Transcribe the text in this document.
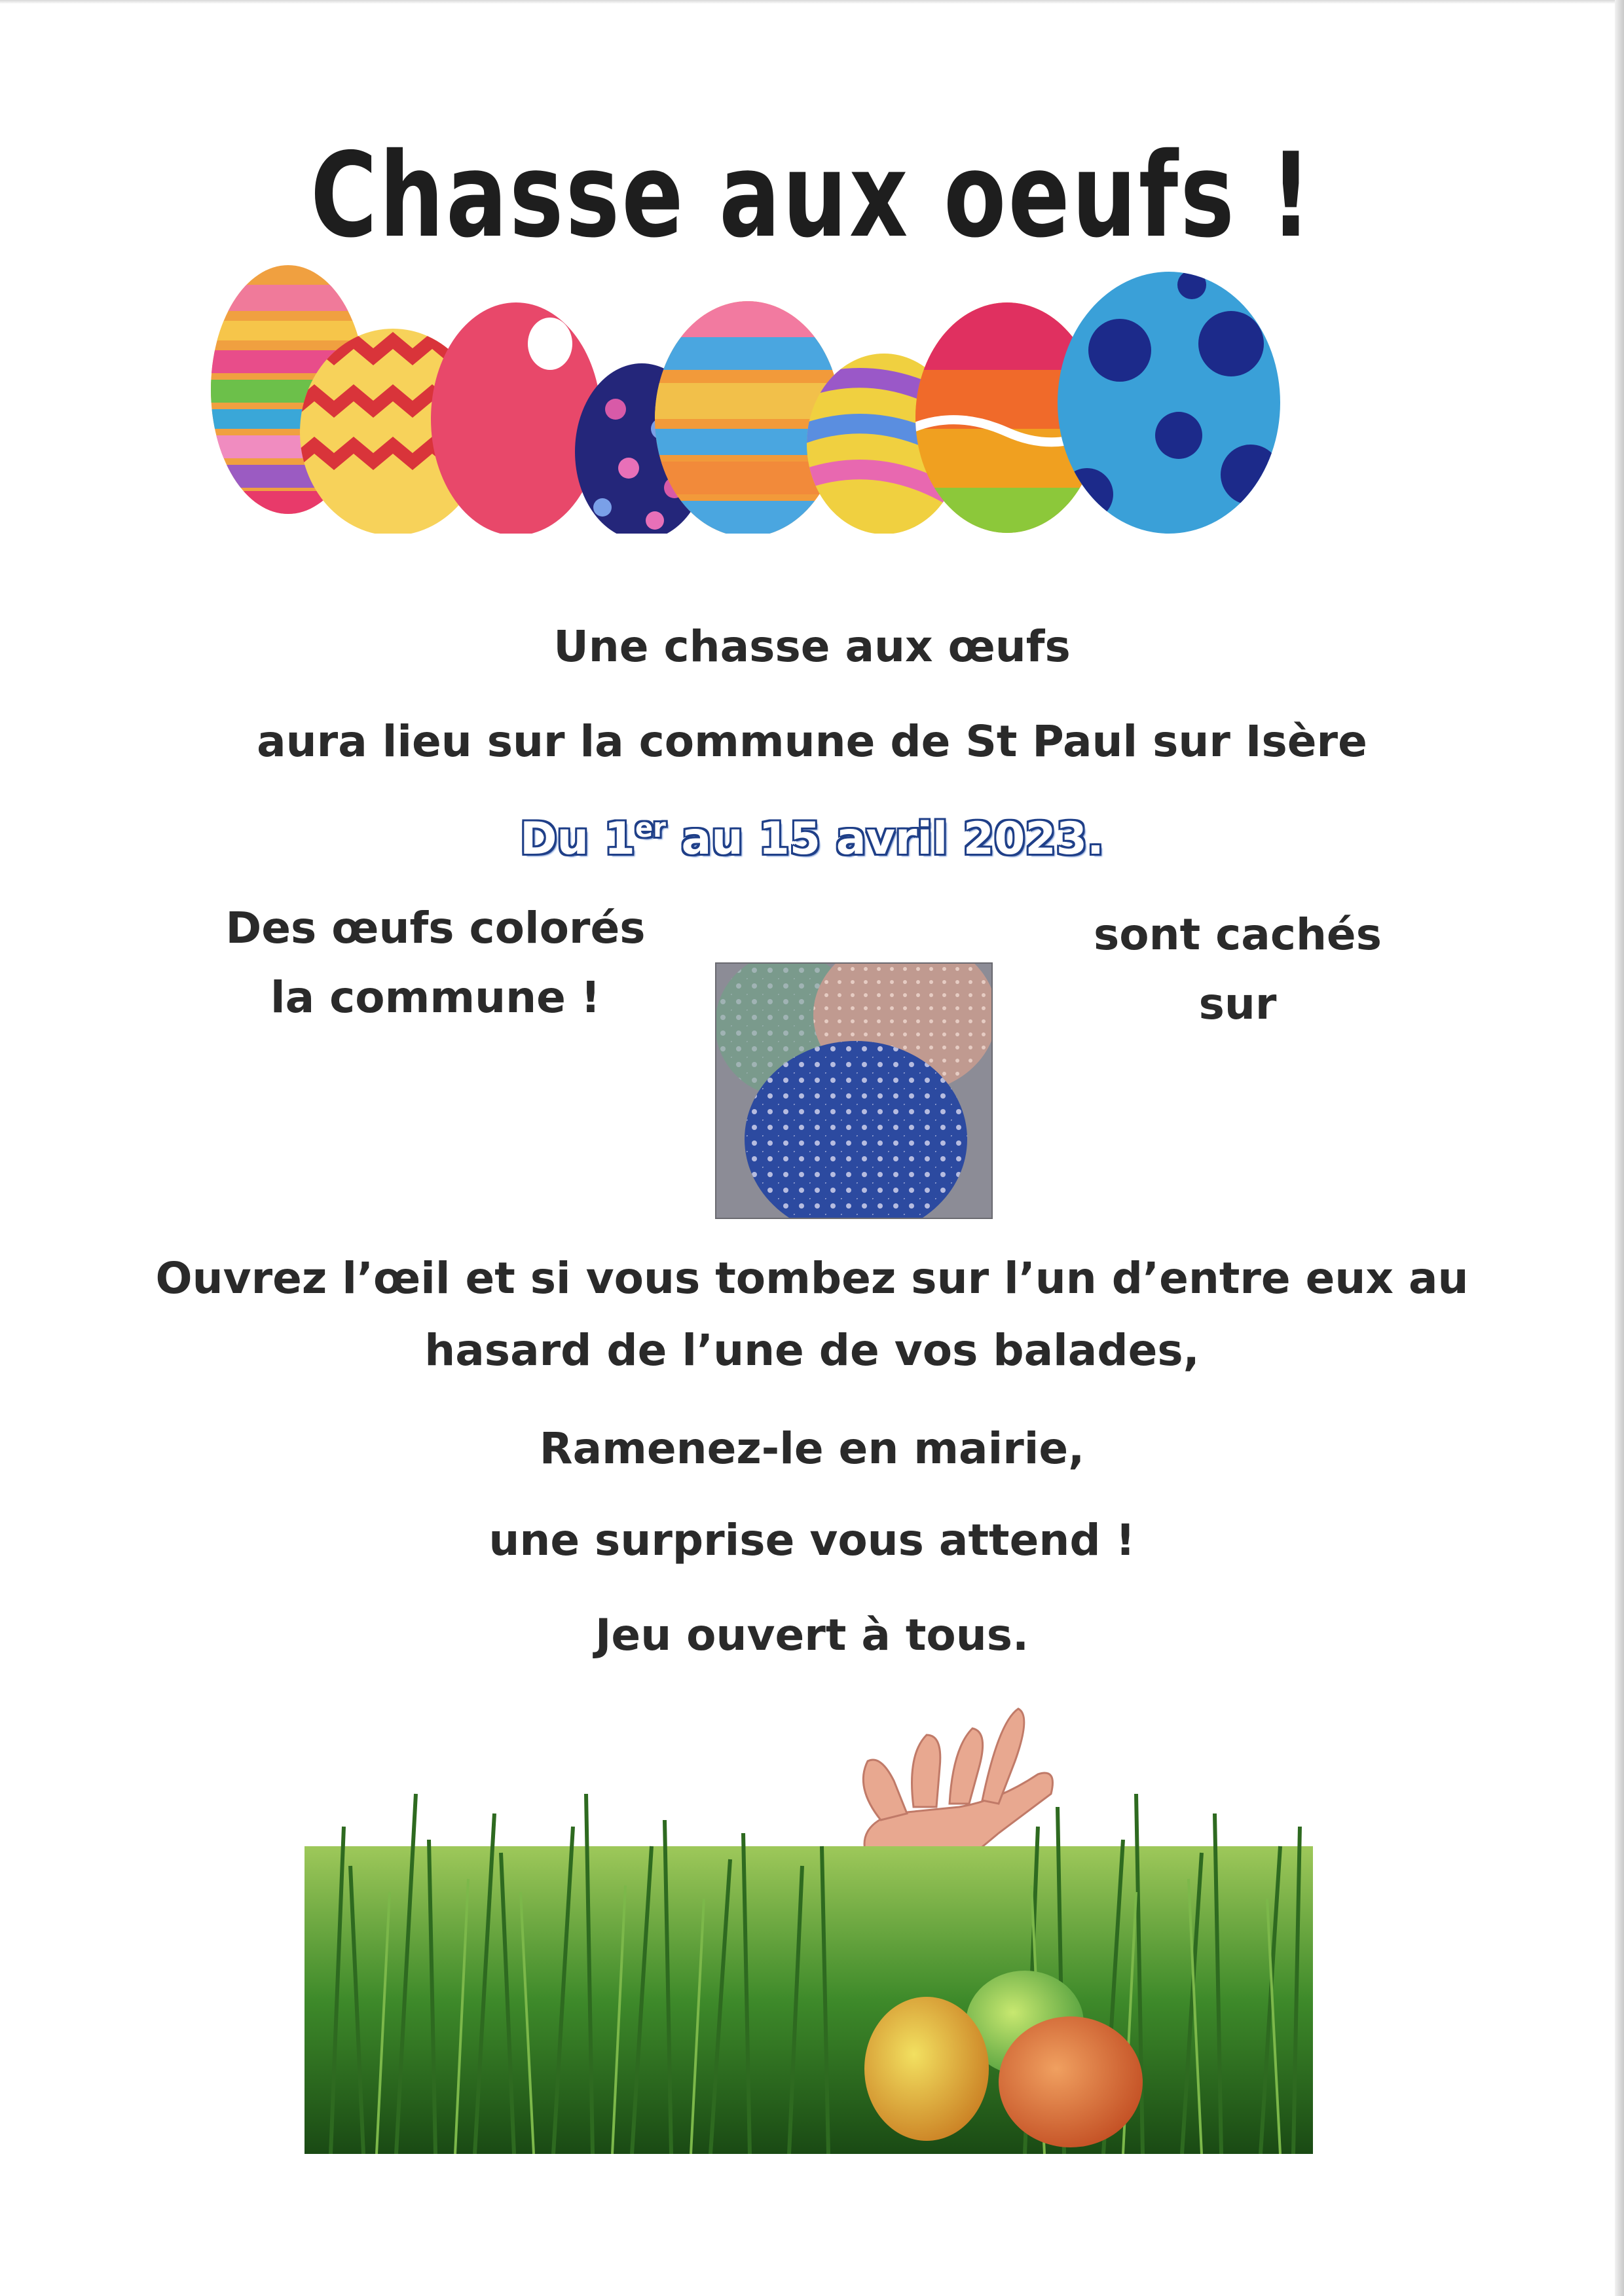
Chasse aux oeufs !
Une chasse aux œufs
aura lieu sur la commune de St Paul sur Isère
Du 1er au 15 avril 2023.
Des œufs colorés
la commune !
sont cachés sur
Ouvrez l’œil et si vous tombez sur l’un d’entre eux au
hasard de l’une de vos balades,
Ramenez-le en mairie,
une surprise vous attend !
Jeu ouvert à tous.
